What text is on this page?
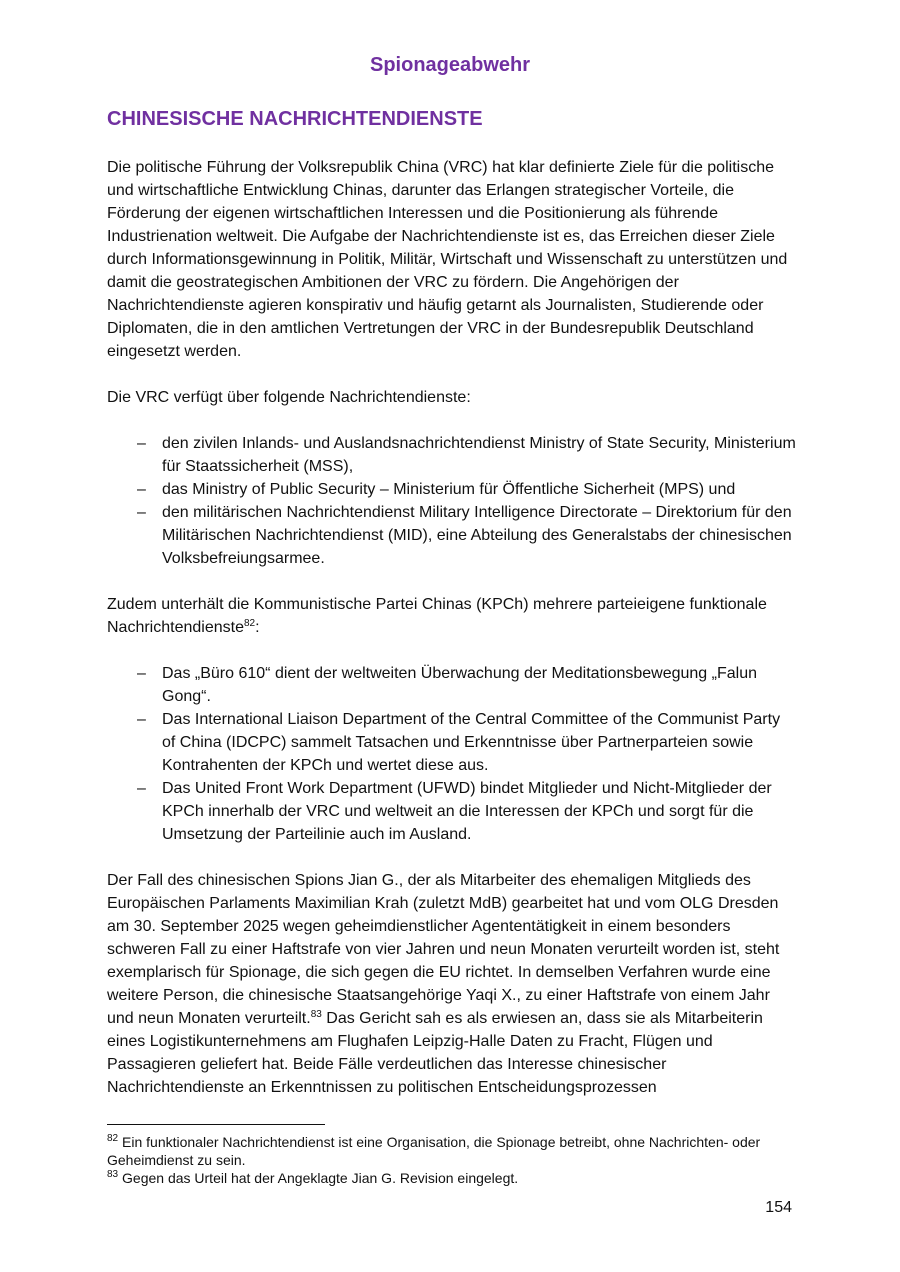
Spionageabwehr
CHINESISCHE NACHRICHTENDIENSTE

Die politische Führung der Volksrepublik China (VRC) hat klar definierte Ziele für die politische und wirtschaftliche Entwicklung Chinas, darunter das Erlangen strategischer Vorteile, die Förderung der eigenen wirtschaftlichen Interessen und die Positionierung als führende Industrienation weltweit. Die Aufgabe der Nachrichtendienste ist es, das Erreichen dieser Ziele durch Informationsgewinnung in Politik, Militär, Wirtschaft und Wissenschaft zu unterstützen und damit die geostrategischen Ambitionen der VRC zu fördern. Die Angehörigen der Nachrichtendienste agieren konspirativ und häufig getarnt als Journalisten, Studierende oder Diplomaten, die in den amtlichen Vertretungen der VRC in der Bundesrepublik Deutschland eingesetzt werden.

Die VRC verfügt über folgende Nachrichtendienste:

– den zivilen Inlands- und Auslandsnachrichtendienst Ministry of State Security, Ministerium für Staatssicherheit (MSS),
– das Ministry of Public Security – Ministerium für Öffentliche Sicherheit (MPS) und
– den militärischen Nachrichtendienst Military Intelligence Directorate – Direktorium für den Militärischen Nachrichtendienst (MID), eine Abteilung des Generalstabs der chinesischen Volksbefreiungsarmee.

Zudem unterhält die Kommunistische Partei Chinas (KPCh) mehrere parteieigene funktionale Nachrichtendienste$^{82}$:

– Das „Büro 610“ dient der weltweiten Überwachung der Meditationsbewegung „Falun Gong“.
– Das International Liaison Department of the Central Committee of the Communist Party of China (IDCPC) sammelt Tatsachen und Erkenntnisse über Partnerparteien sowie Kontrahenten der KPCh und wertet diese aus.
– Das United Front Work Department (UFWD) bindet Mitglieder und Nicht-Mitglieder der KPCh innerhalb der VRC und weltweit an die Interessen der KPCh und sorgt für die Umsetzung der Parteilinie auch im Ausland.

Der Fall des chinesischen Spions Jian G., der als Mitarbeiter des ehemaligen Mitglieds des Europäischen Parlaments Maximilian Krah (zuletzt MdB) gearbeitet hat und vom OLG Dresden am 30. September 2025 wegen geheimdienstlicher Agententätigkeit in einem besonders schweren Fall zu einer Haftstrafe von vier Jahren und neun Monaten verurteilt worden ist, steht exemplarisch für Spionage, die sich gegen die EU richtet. In demselben Verfahren wurde eine weitere Person, die chinesische Staatsangehörige Yaqi X., zu einer Haftstrafe von einem Jahr und neun Monaten verurteilt.$^{83}$ Das Gericht sah es als erwiesen an, dass sie als Mitarbeiterin eines Logistikunternehmens am Flughafen Leipzig-Halle Daten zu Fracht, Flügen und Passagieren geliefert hat. Beide Fälle verdeutlichen das Interesse chinesischer Nachrichtendienste an Erkenntnissen zu politischen Entscheidungsprozessen

$^{82}$ Ein funktionaler Nachrichtendienst ist eine Organisation, die Spionage betreibt, ohne Nachrichten- oder Geheimdienst zu sein.

$^{83}$ Gegen das Urteil hat der Angeklagte Jian G. Revision eingelegt.

154
